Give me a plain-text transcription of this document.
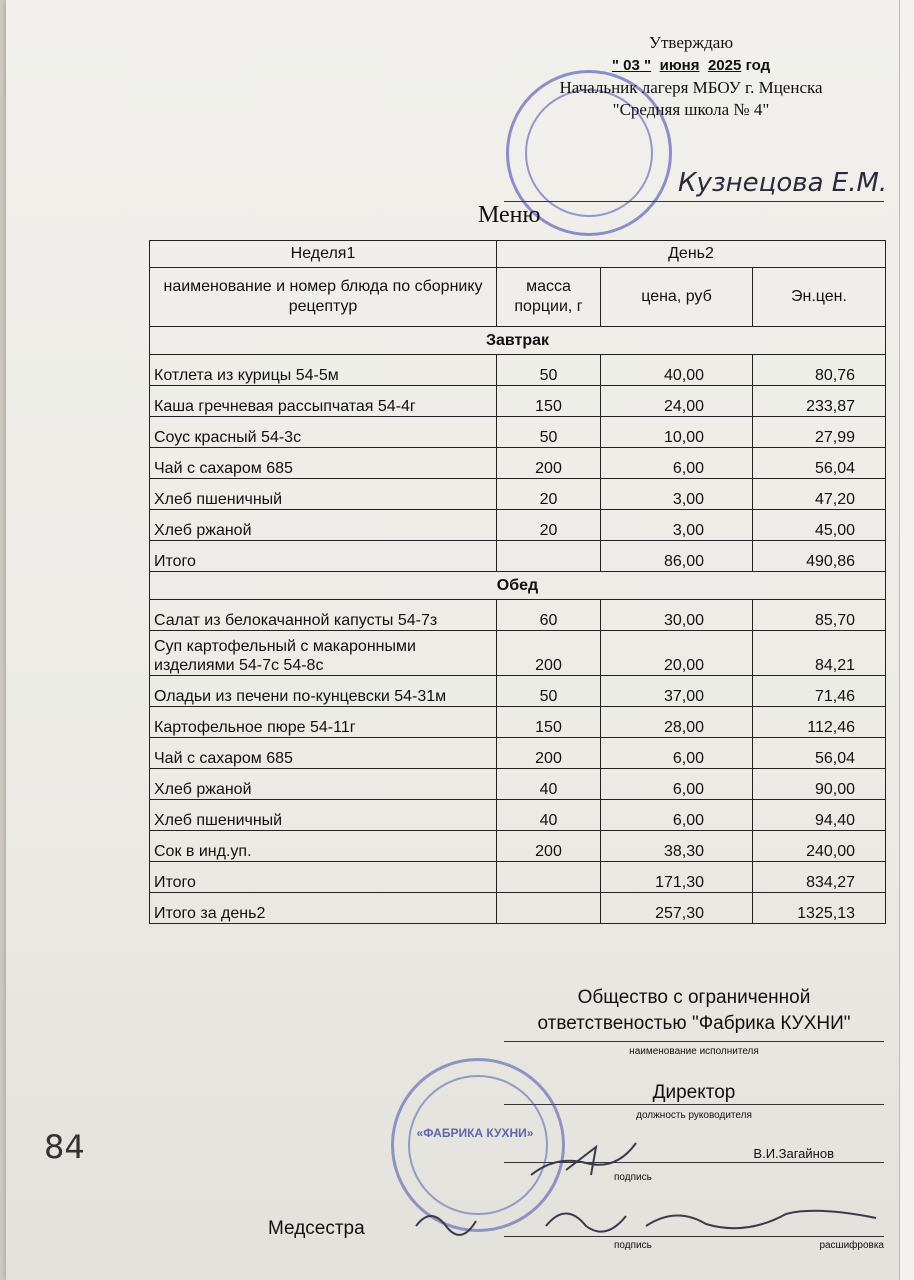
Утверждаю
" 03 " июня 2025 год
Начальник лагеря МБОУ г. Мценска
"Средняя школа № 4"
Кузнецова Е.М.
Меню
Неделя1	День2		
наименование и номер блюда по сборнику рецептур	масса порции, г	цена, руб	Эн.цен.
Завтрак			
Котлета из курицы 54-5м	50	40,00	80,76
Каша гречневая рассыпчатая 54-4г	150	24,00	233,87
Соус красный 54-3с	50	10,00	27,99
Чай с сахаром 685	200	6,00	56,04
Хлеб пшеничный	20	3,00	47,20
Хлеб ржаной	20	3,00	45,00
Итого		86,00	490,86
Обед			
Салат из белокачанной капусты 54-7з	60	30,00	85,70
Суп картофельный с макаронными изделиями 54-7с 54-8с	200	20,00	84,21
Оладьи из печени по-кунцевски 54-31м	50	37,00	71,46
Картофельное пюре 54-11г	150	28,00	112,46
Чай с сахаром 685	200	6,00	56,04
Хлеб ржаной	40	6,00	90,00
Хлеб пшеничный	40	6,00	94,40
Сок в инд.уп.	200	38,30	240,00
Итого		171,30	834,27
Итого за день2		257,30	1325,13
Общество с ограниченной
ответственостью "Фабрика КУХНИ"
наименование исполнителя
Директор
должность руководителя
В.И.Загайнов
подпись
«ФАБРИКА КУХНИ»
Медсестра
подпись	расшифровка
84
